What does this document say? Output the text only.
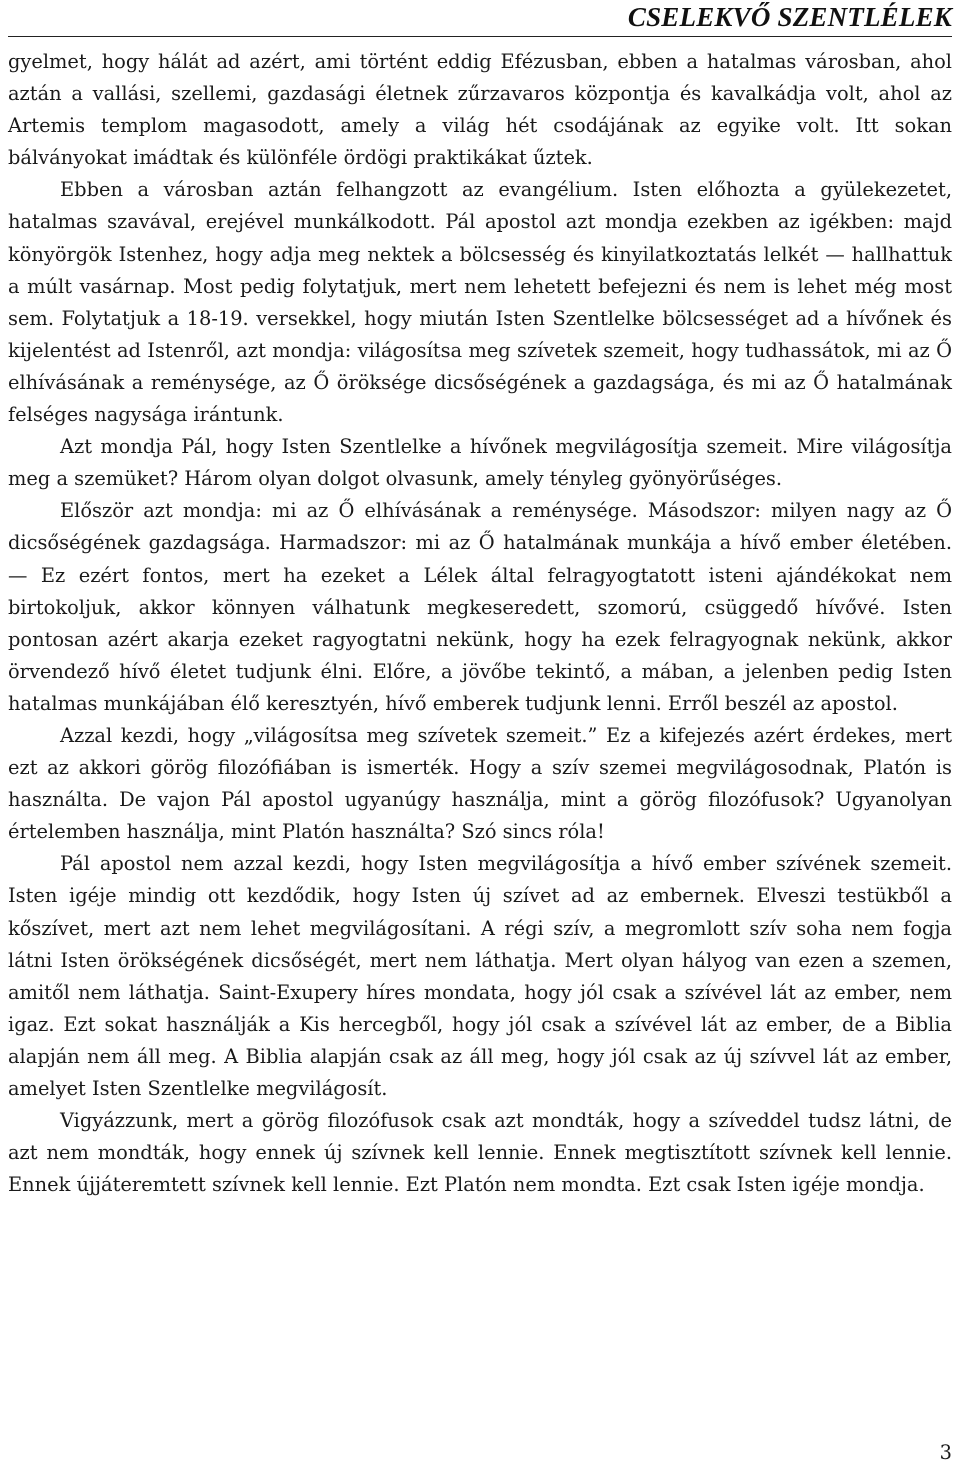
CSELEKVŐ SZENTLÉLEK

gyelmet, hogy hálát ad azért, ami történt eddig Efézusban, ebben a hatalmas városban, ahol aztán a vallási, szellemi, gazdasági életnek zűrzavaros központja és kavalkádja volt, ahol az Artemis templom magasodott, amely a világ hét csodájának az egyike volt. Itt sokan bálványokat imádtak és különféle ördögi praktikákat űztek.

Ebben a városban aztán felhangzott az evangélium. Isten előhozta a gyülekezetet, hatalmas szavával, erejével munkálkodott. Pál apostol azt mondja ezekben az igékben: majd könyörgök Istenhez, hogy adja meg nektek a bölcsesség és kinyilatkoztatás lelkét — hallhattuk a múlt vasárnap. Most pedig folytatjuk, mert nem lehetett befejezni és nem is lehet még most sem. Folytatjuk a 18-19. versekkel, hogy miután Isten Szentlelke bölcsességet ad a hívőnek és kijelentést ad Istenről, azt mondja: világosítsa meg szívetek szemeit, hogy tudhassátok, mi az Ő elhívásának a reménysége, az Ő öröksége dicsőségének a gazdagsága, és mi az Ő hatalmának felséges nagysága irántunk.

Azt mondja Pál, hogy Isten Szentlelke a hívőnek megvilágosítja szemeit. Mire világosítja meg a szemüket? Három olyan dolgot olvasunk, amely tényleg gyönyörűséges.

Először azt mondja: mi az Ő elhívásának a reménysége. Másodszor: milyen nagy az Ő dicsőségének gazdagsága. Harmadszor: mi az Ő hatalmának munkája a hívő ember életében. — Ez ezért fontos, mert ha ezeket a Lélek által felragyogtatott isteni ajándékokat nem birtokoljuk, akkor könnyen válhatunk megkeseredett, szomorú, csüggedő hívővé. Isten pontosan azért akarja ezeket ragyogtatni nekünk, hogy ha ezek felragyognak nekünk, akkor örvendező hívő életet tudjunk élni. Előre, a jövőbe tekintő, a mában, a jelenben pedig Isten hatalmas munkájában élő keresztyén, hívő emberek tudjunk lenni. Erről beszél az apostol.

Azzal kezdi, hogy „világosítsa meg szívetek szemeit.” Ez a kifejezés azért érdekes, mert ezt az akkori görög filozófiában is ismerték. Hogy a szív szemei megvilágosodnak, Platón is használta. De vajon Pál apostol ugyanúgy használja, mint a görög filozófusok? Ugyanolyan értelemben használja, mint Platón használta? Szó sincs róla!

Pál apostol nem azzal kezdi, hogy Isten megvilágosítja a hívő ember szívének szemeit. Isten igéje mindig ott kezdődik, hogy Isten új szívet ad az embernek. Elveszi testükből a kőszívet, mert azt nem lehet megvilágosítani. A régi szív, a megromlott szív soha nem fogja látni Isten örökségének dicsőségét, mert nem láthatja. Mert olyan hályog van ezen a szemen, amitől nem láthatja. Saint-Exupery híres mondata, hogy jól csak a szívével lát az ember, nem igaz. Ezt sokat használják a Kis hercegből, hogy jól csak a szívével lát az ember, de a Biblia alapján nem áll meg. A Biblia alapján csak az áll meg, hogy jól csak az új szívvel lát az ember, amelyet Isten Szentlelke megvilágosít.

Vigyázzunk, mert a görög filozófusok csak azt mondták, hogy a szíveddel tudsz látni, de azt nem mondták, hogy ennek új szívnek kell lennie. Ennek megtisztított szívnek kell lennie. Ennek újjáteremtett szívnek kell lennie. Ezt Platón nem mondta. Ezt csak Isten igéje mondja.

3
